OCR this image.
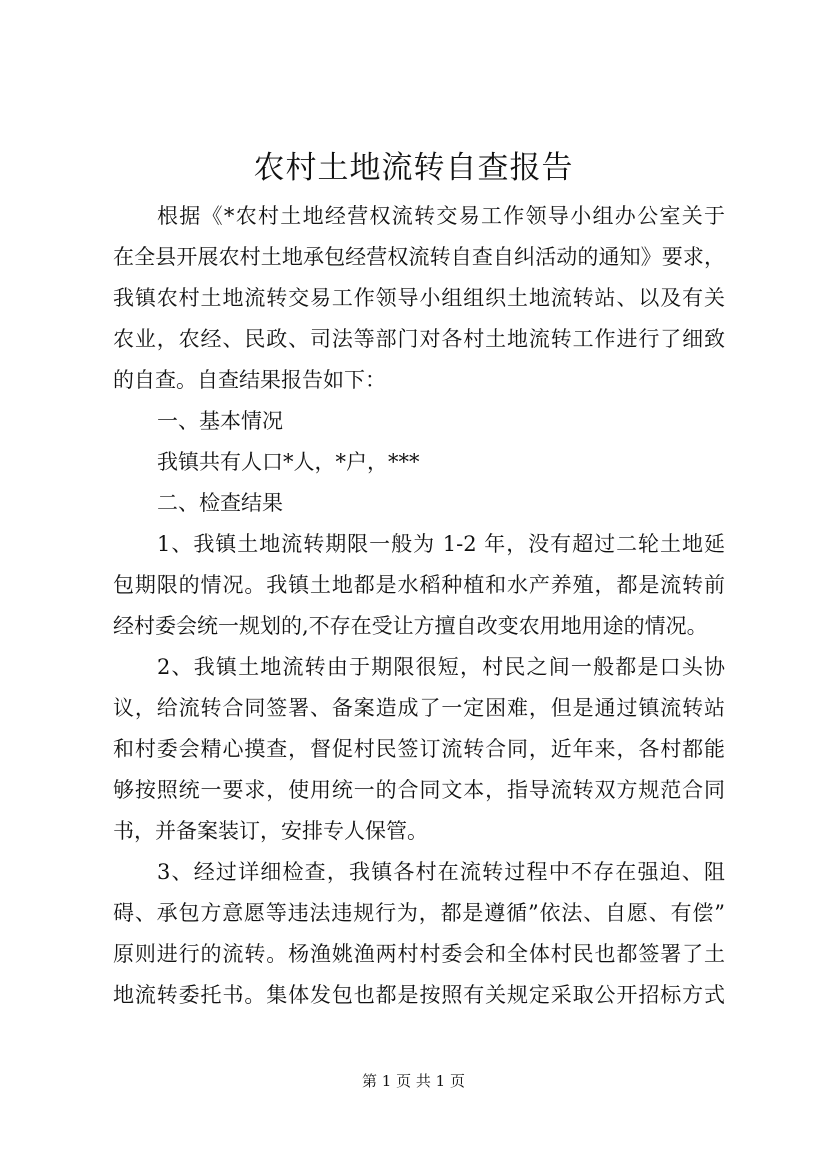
农村土地流转自查报告
根据《*农村土地经营权流转交易工作领导小组办公室关于
在全县开展农村土地承包经营权流转自查自纠活动的通知》要求，
我镇农村土地流转交易工作领导小组组织土地流转站、以及有关
农业，农经、民政、司法等部门对各村土地流转工作进行了细致
的自查。自查结果报告如下：
一、基本情况
我镇共有人口*人，*户，***
二、检查结果
1、我镇土地流转期限一般为 1-2 年，没有超过二轮土地延
包期限的情况。我镇土地都是水稻种植和水产养殖，都是流转前
经村委会统一规划的,不存在受让方擅自改变农用地用途的情况。
2、我镇土地流转由于期限很短，村民之间一般都是口头协
议，给流转合同签署、备案造成了一定困难，但是通过镇流转站
和村委会精心摸查，督促村民签订流转合同，近年来，各村都能
够按照统一要求，使用统一的合同文本，指导流转双方规范合同
书，并备案装订，安排专人保管。
3、经过详细检查，我镇各村在流转过程中不存在强迫、阻
碍、承包方意愿等违法违规行为，都是遵循”依法、自愿、有偿”
原则进行的流转。杨渔姚渔两村村委会和全体村民也都签署了土
地流转委托书。集体发包也都是按照有关规定采取公开招标方式
第 1 页 共 1 页
